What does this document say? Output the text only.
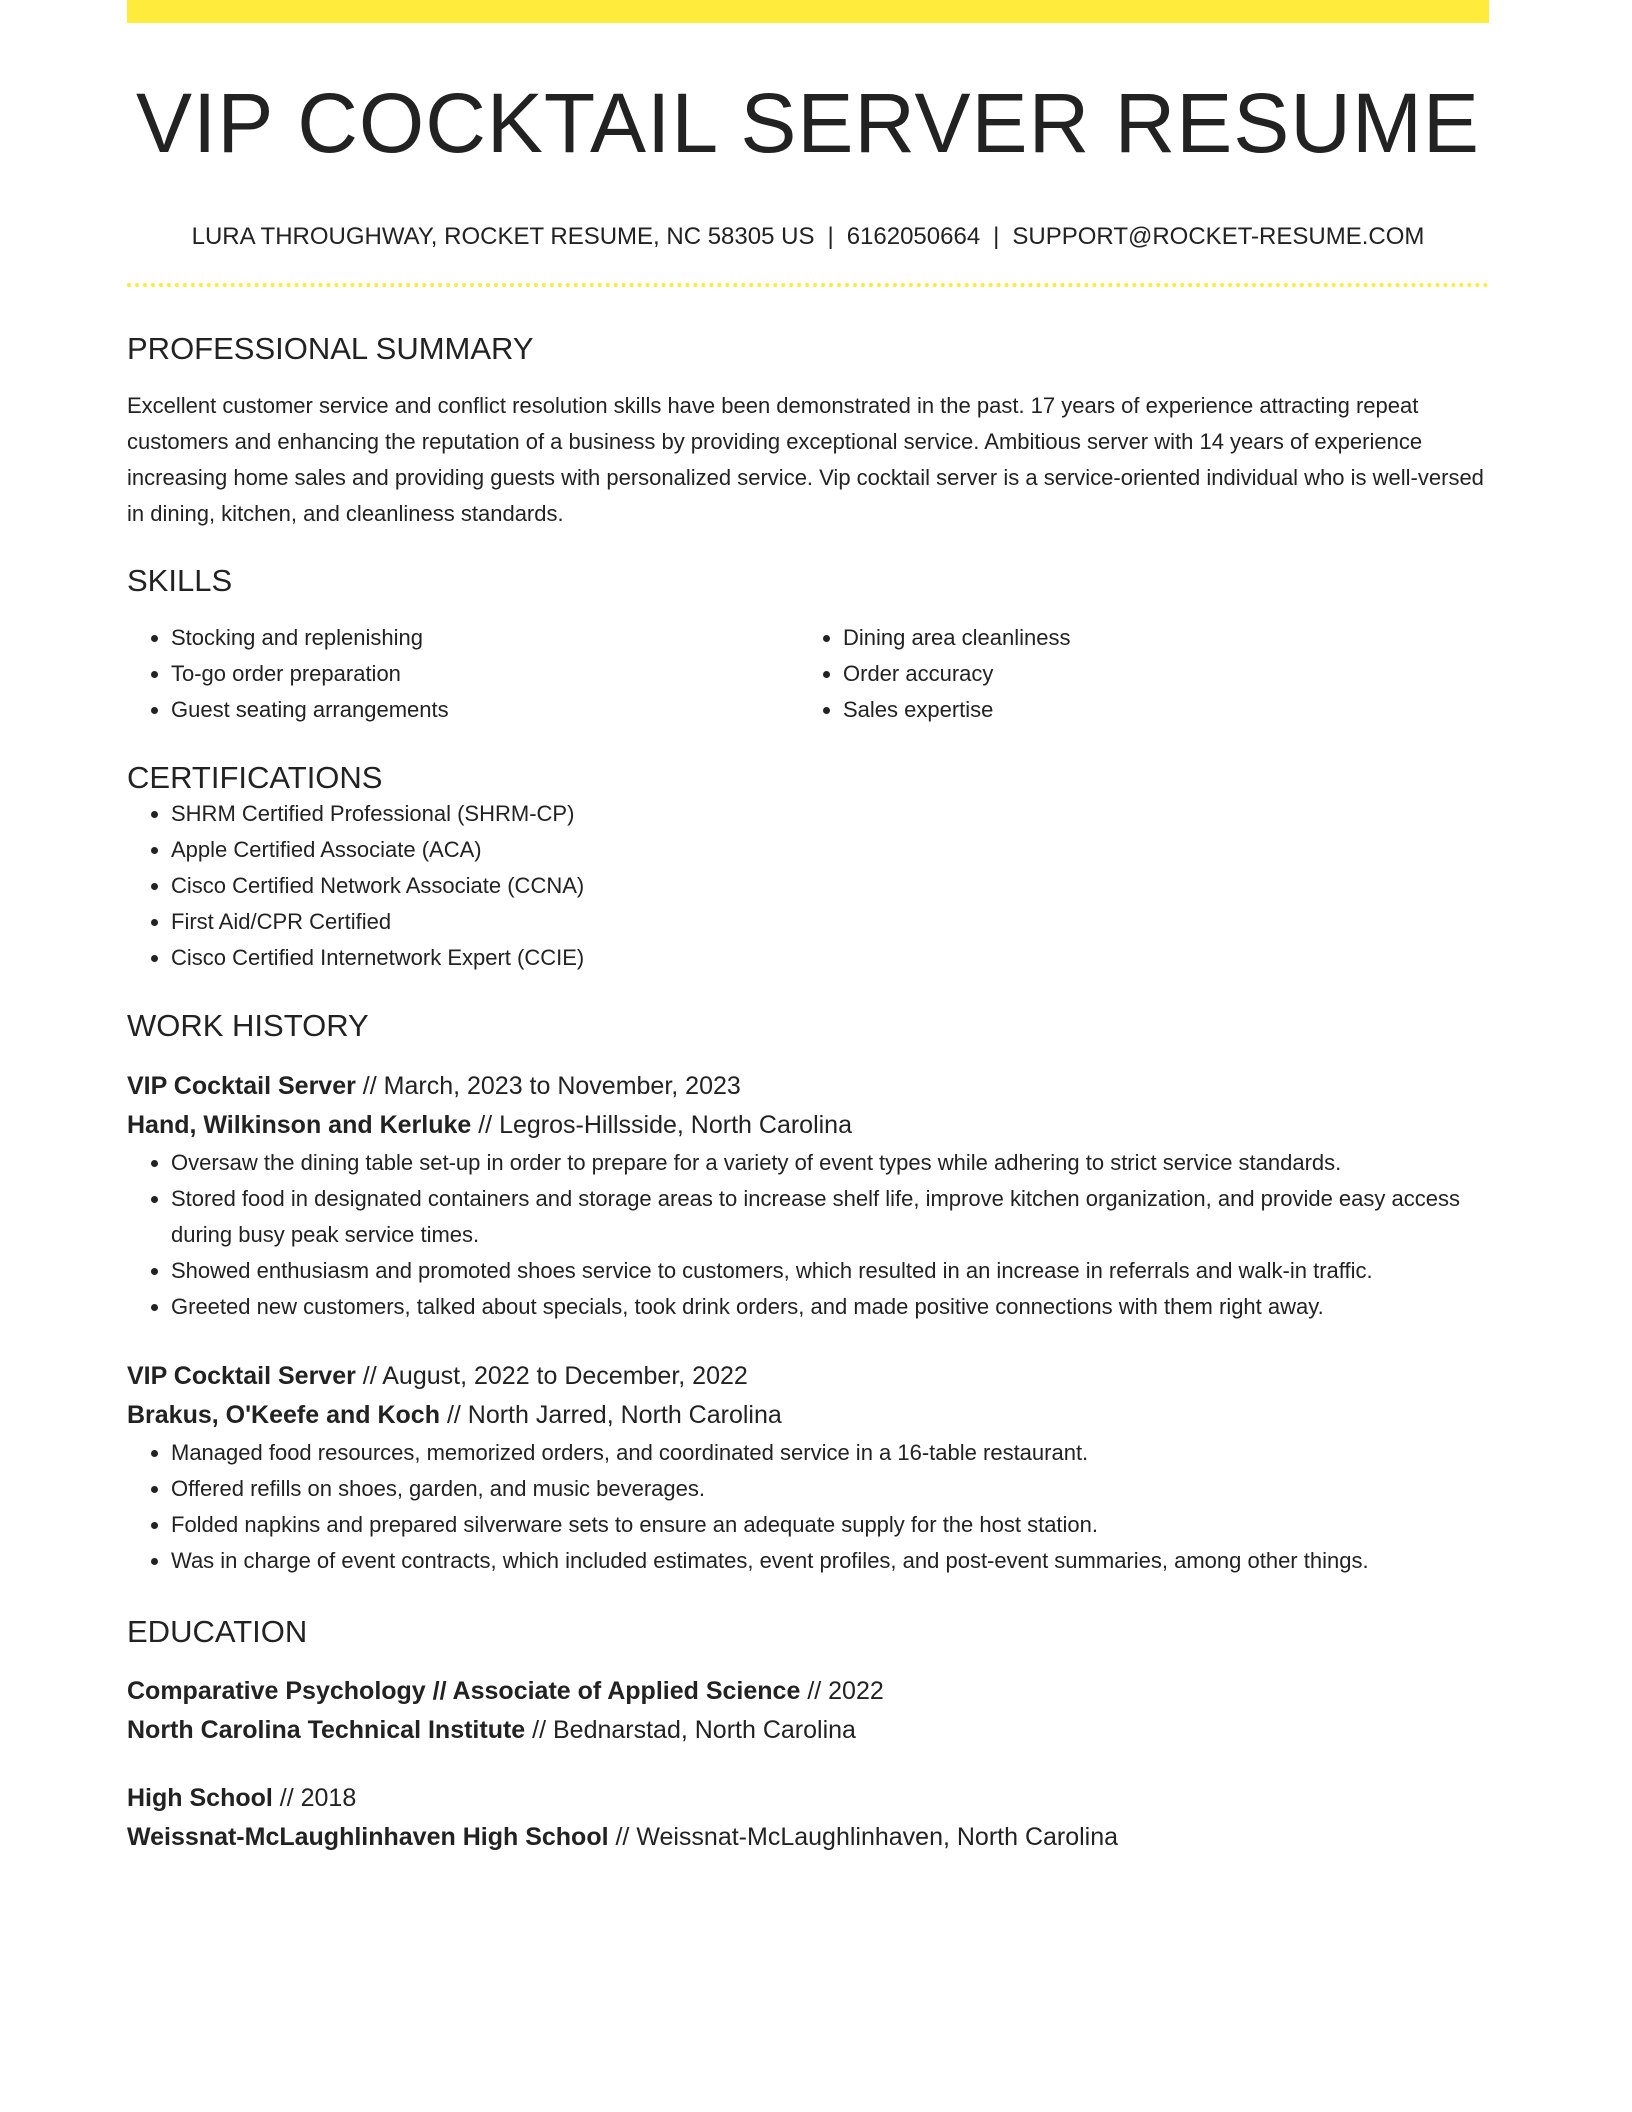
VIP COCKTAIL SERVER RESUME
LURA THROUGHWAY, ROCKET RESUME, NC 58305 US | 6162050664 | SUPPORT@ROCKET-RESUME.COM
PROFESSIONAL SUMMARY
Excellent customer service and conflict resolution skills have been demonstrated in the past. 17 years of experience attracting repeat customers and enhancing the reputation of a business by providing exceptional service. Ambitious server with 14 years of experience increasing home sales and providing guests with personalized service. Vip cocktail server is a service-oriented individual who is well-versed in dining, kitchen, and cleanliness standards.
SKILLS
• Stocking and replenishing
• To-go order preparation
• Guest seating arrangements
• Dining area cleanliness
• Order accuracy
• Sales expertise
CERTIFICATIONS
• SHRM Certified Professional (SHRM-CP)
• Apple Certified Associate (ACA)
• Cisco Certified Network Associate (CCNA)
• First Aid/CPR Certified
• Cisco Certified Internetwork Expert (CCIE)
WORK HISTORY
VIP Cocktail Server // March, 2023 to November, 2023
Hand, Wilkinson and Kerluke // Legros-Hillsside, North Carolina
• Oversaw the dining table set-up in order to prepare for a variety of event types while adhering to strict service standards.
• Stored food in designated containers and storage areas to increase shelf life, improve kitchen organization, and provide easy access during busy peak service times.
• Showed enthusiasm and promoted shoes service to customers, which resulted in an increase in referrals and walk-in traffic.
• Greeted new customers, talked about specials, took drink orders, and made positive connections with them right away.
VIP Cocktail Server // August, 2022 to December, 2022
Brakus, O'Keefe and Koch // North Jarred, North Carolina
• Managed food resources, memorized orders, and coordinated service in a 16-table restaurant.
• Offered refills on shoes, garden, and music beverages.
• Folded napkins and prepared silverware sets to ensure an adequate supply for the host station.
• Was in charge of event contracts, which included estimates, event profiles, and post-event summaries, among other things.
EDUCATION
Comparative Psychology // Associate of Applied Science // 2022
North Carolina Technical Institute // Bednarstad, North Carolina
High School // 2018
Weissnat-McLaughlinhaven High School // Weissnat-McLaughlinhaven, North Carolina
